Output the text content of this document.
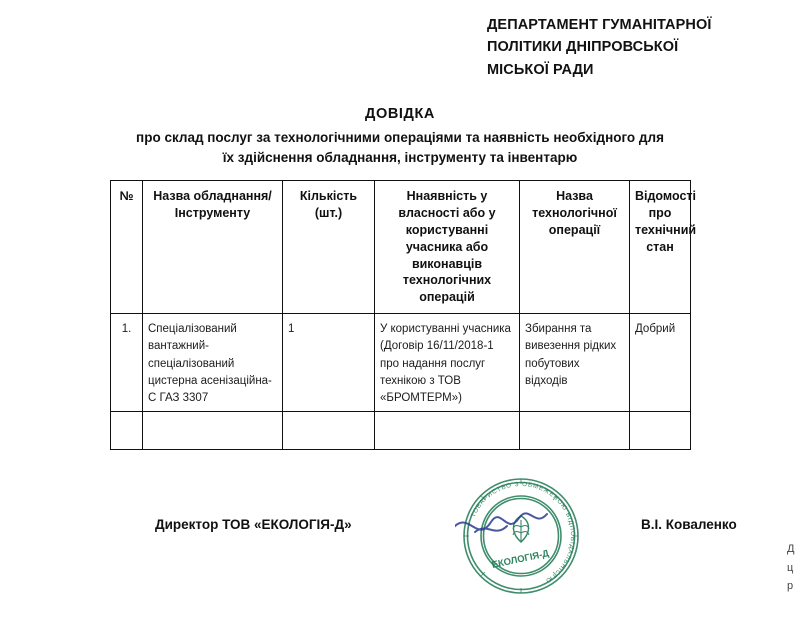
ДЕПАРТАМЕНТ ГУМАНІТАРНОЇ
ПОЛІТИКИ ДНІПРОВСЬКОЇ
МІСЬКОЇ РАДИ
ДОВІДКА
про склад послуг за технологічними операціями та наявність необхідного для
їх здійснення обладнання, інструменту та інвентарю
№	Назва обладнання/Інструменту	Кількість (шт.)	Ннаявність у власності або у користуванні учасника або виконавців технологічних операцій	Назва технологічної операції	Відомості про технічний стан
1.	Спеціалізований вантажний-спеціалізований цистерна асенізаційна-С ГАЗ 3307	1	У користуванні учасника (Договір 16/11/2018-1 про надання послуг технікою з ТОВ «БРОМТЕРМ»)	Збирання та вивезення рідких побутових відходів	Добрий

Директор ТОВ «ЕКОЛОГІЯ-Д»	В.І. Коваленко
ТОВАРИСТВО З ОБМЕЖЕНОЮ ВІДПОВІДАЛЬНІСТЮ
ЕКОЛОГІЯ-Д	Д
ц
р
